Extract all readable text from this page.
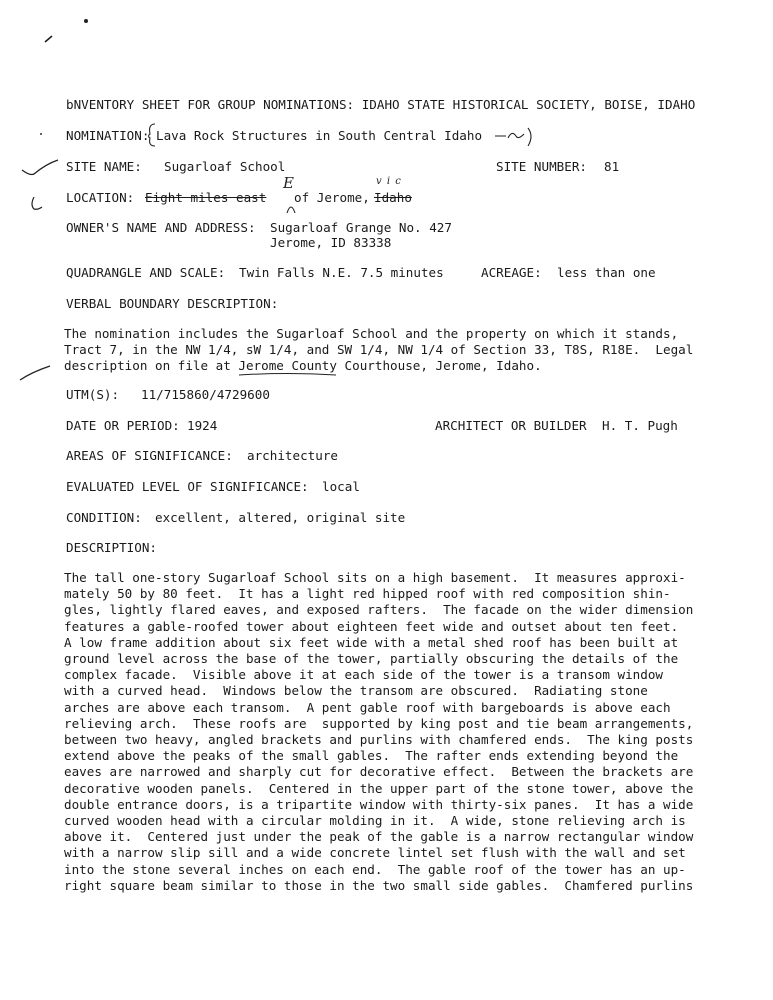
bNVENTORY SHEET FOR GROUP NOMINATIONS: IDAHO STATE HISTORICAL SOCIETY, BOISE, IDAHO
NOMINATION: Lava Rock Structures in South Central Idaho
SITE NAME: Sugarloaf School	SITE NUMBER: 81
LOCATION: Eight miles east
E
of Jerome,
v i c
Idaho
OWNER'S NAME AND ADDRESS: Sugarloaf Grange No. 427
Jerome, ID 83338
QUADRANGLE AND SCALE: Twin Falls N.E. 7.5 minutes	ACREAGE: less than one
VERBAL BOUNDARY DESCRIPTION:
The nomination includes the Sugarloaf School and the property on which it stands,
Tract 7, in the NW 1/4, sW 1/4, and SW 1/4, NW 1/4 of Section 33, T8S, R18E.  Legal
description on file at Jerome County Courthouse, Jerome, Idaho.
UTM(S): 11/715860/4729600
DATE OR PERIOD: 1924	ARCHITECT OR BUILDER H. T. Pugh
AREAS OF SIGNIFICANCE: architecture
EVALUATED LEVEL OF SIGNIFICANCE: local
CONDITION: excellent, altered, original site
DESCRIPTION:
The tall one-story Sugarloaf School sits on a high basement.  It measures approxi-
mately 50 by 80 feet.  It has a light red hipped roof with red composition shin-
gles, lightly flared eaves, and exposed rafters.  The facade on the wider dimension
features a gable-roofed tower about eighteen feet wide and outset about ten feet.
A low frame addition about six feet wide with a metal shed roof has been built at
ground level across the base of the tower, partially obscuring the details of the
complex facade.  Visible above it at each side of the tower is a transom window
with a curved head.  Windows below the transom are obscured.  Radiating stone
arches are above each transom.  A pent gable roof with bargeboards is above each
relieving arch.  These roofs are  supported by king post and tie beam arrangements,
between two heavy, angled brackets and purlins with chamfered ends.  The king posts
extend above the peaks of the small gables.  The rafter ends extending beyond the
eaves are narrowed and sharply cut for decorative effect.  Between the brackets are
decorative wooden panels.  Centered in the upper part of the stone tower, above the
double entrance doors, is a tripartite window with thirty-six panes.  It has a wide
curved wooden head with a circular molding in it.  A wide, stone relieving arch is
above it.  Centered just under the peak of the gable is a narrow rectangular window
with a narrow slip sill and a wide concrete lintel set flush with the wall and set
into the stone several inches on each end.  The gable roof of the tower has an up-
right square beam similar to those in the two small side gables.  Chamfered purlins
